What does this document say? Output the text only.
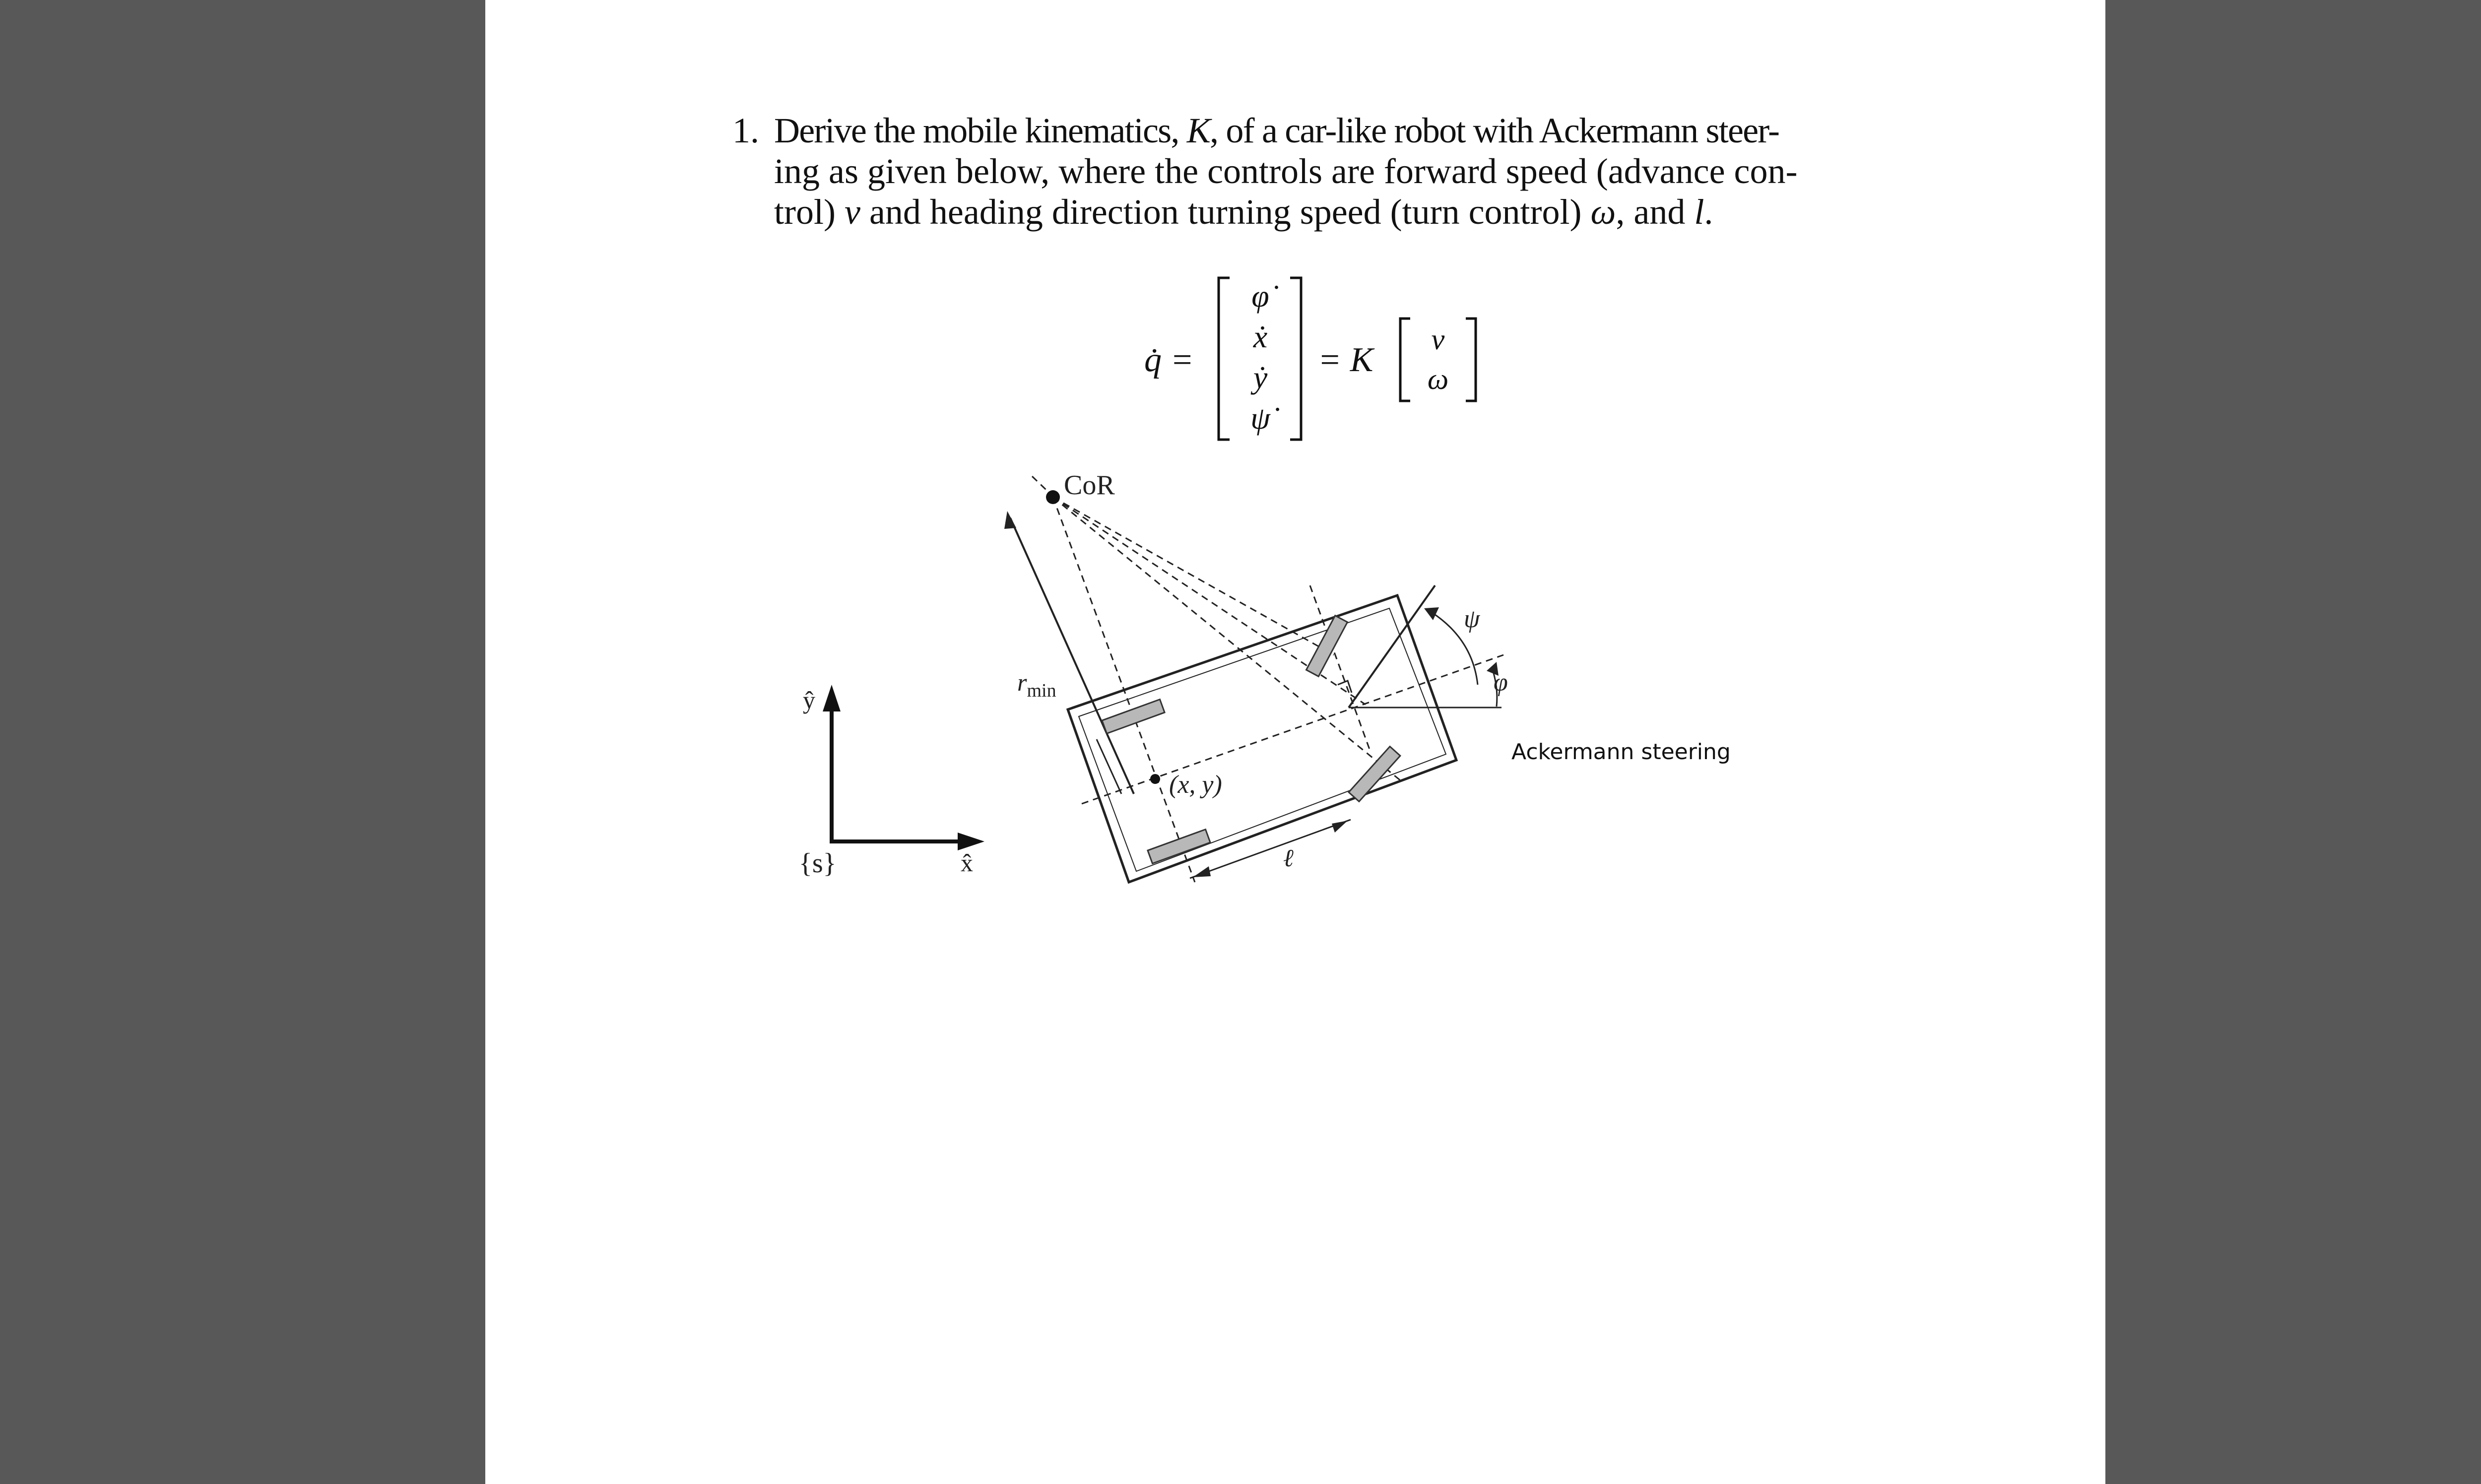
1. Derive the mobile kinematics, K, of a car-like robot with Ackermann steer-
ing as given below, where the controls are forward speed (advance con-
trol) v and heading direction turning speed (turn control) ω, and l.
q̇ =
φ̇
ẋ
ẏ
ψ̇
= K
v
ω
CoR
$r_{min}$
(x, y)
ℓ
ψ
φ
{s}	x̂
ŷ
Ackermann steering
